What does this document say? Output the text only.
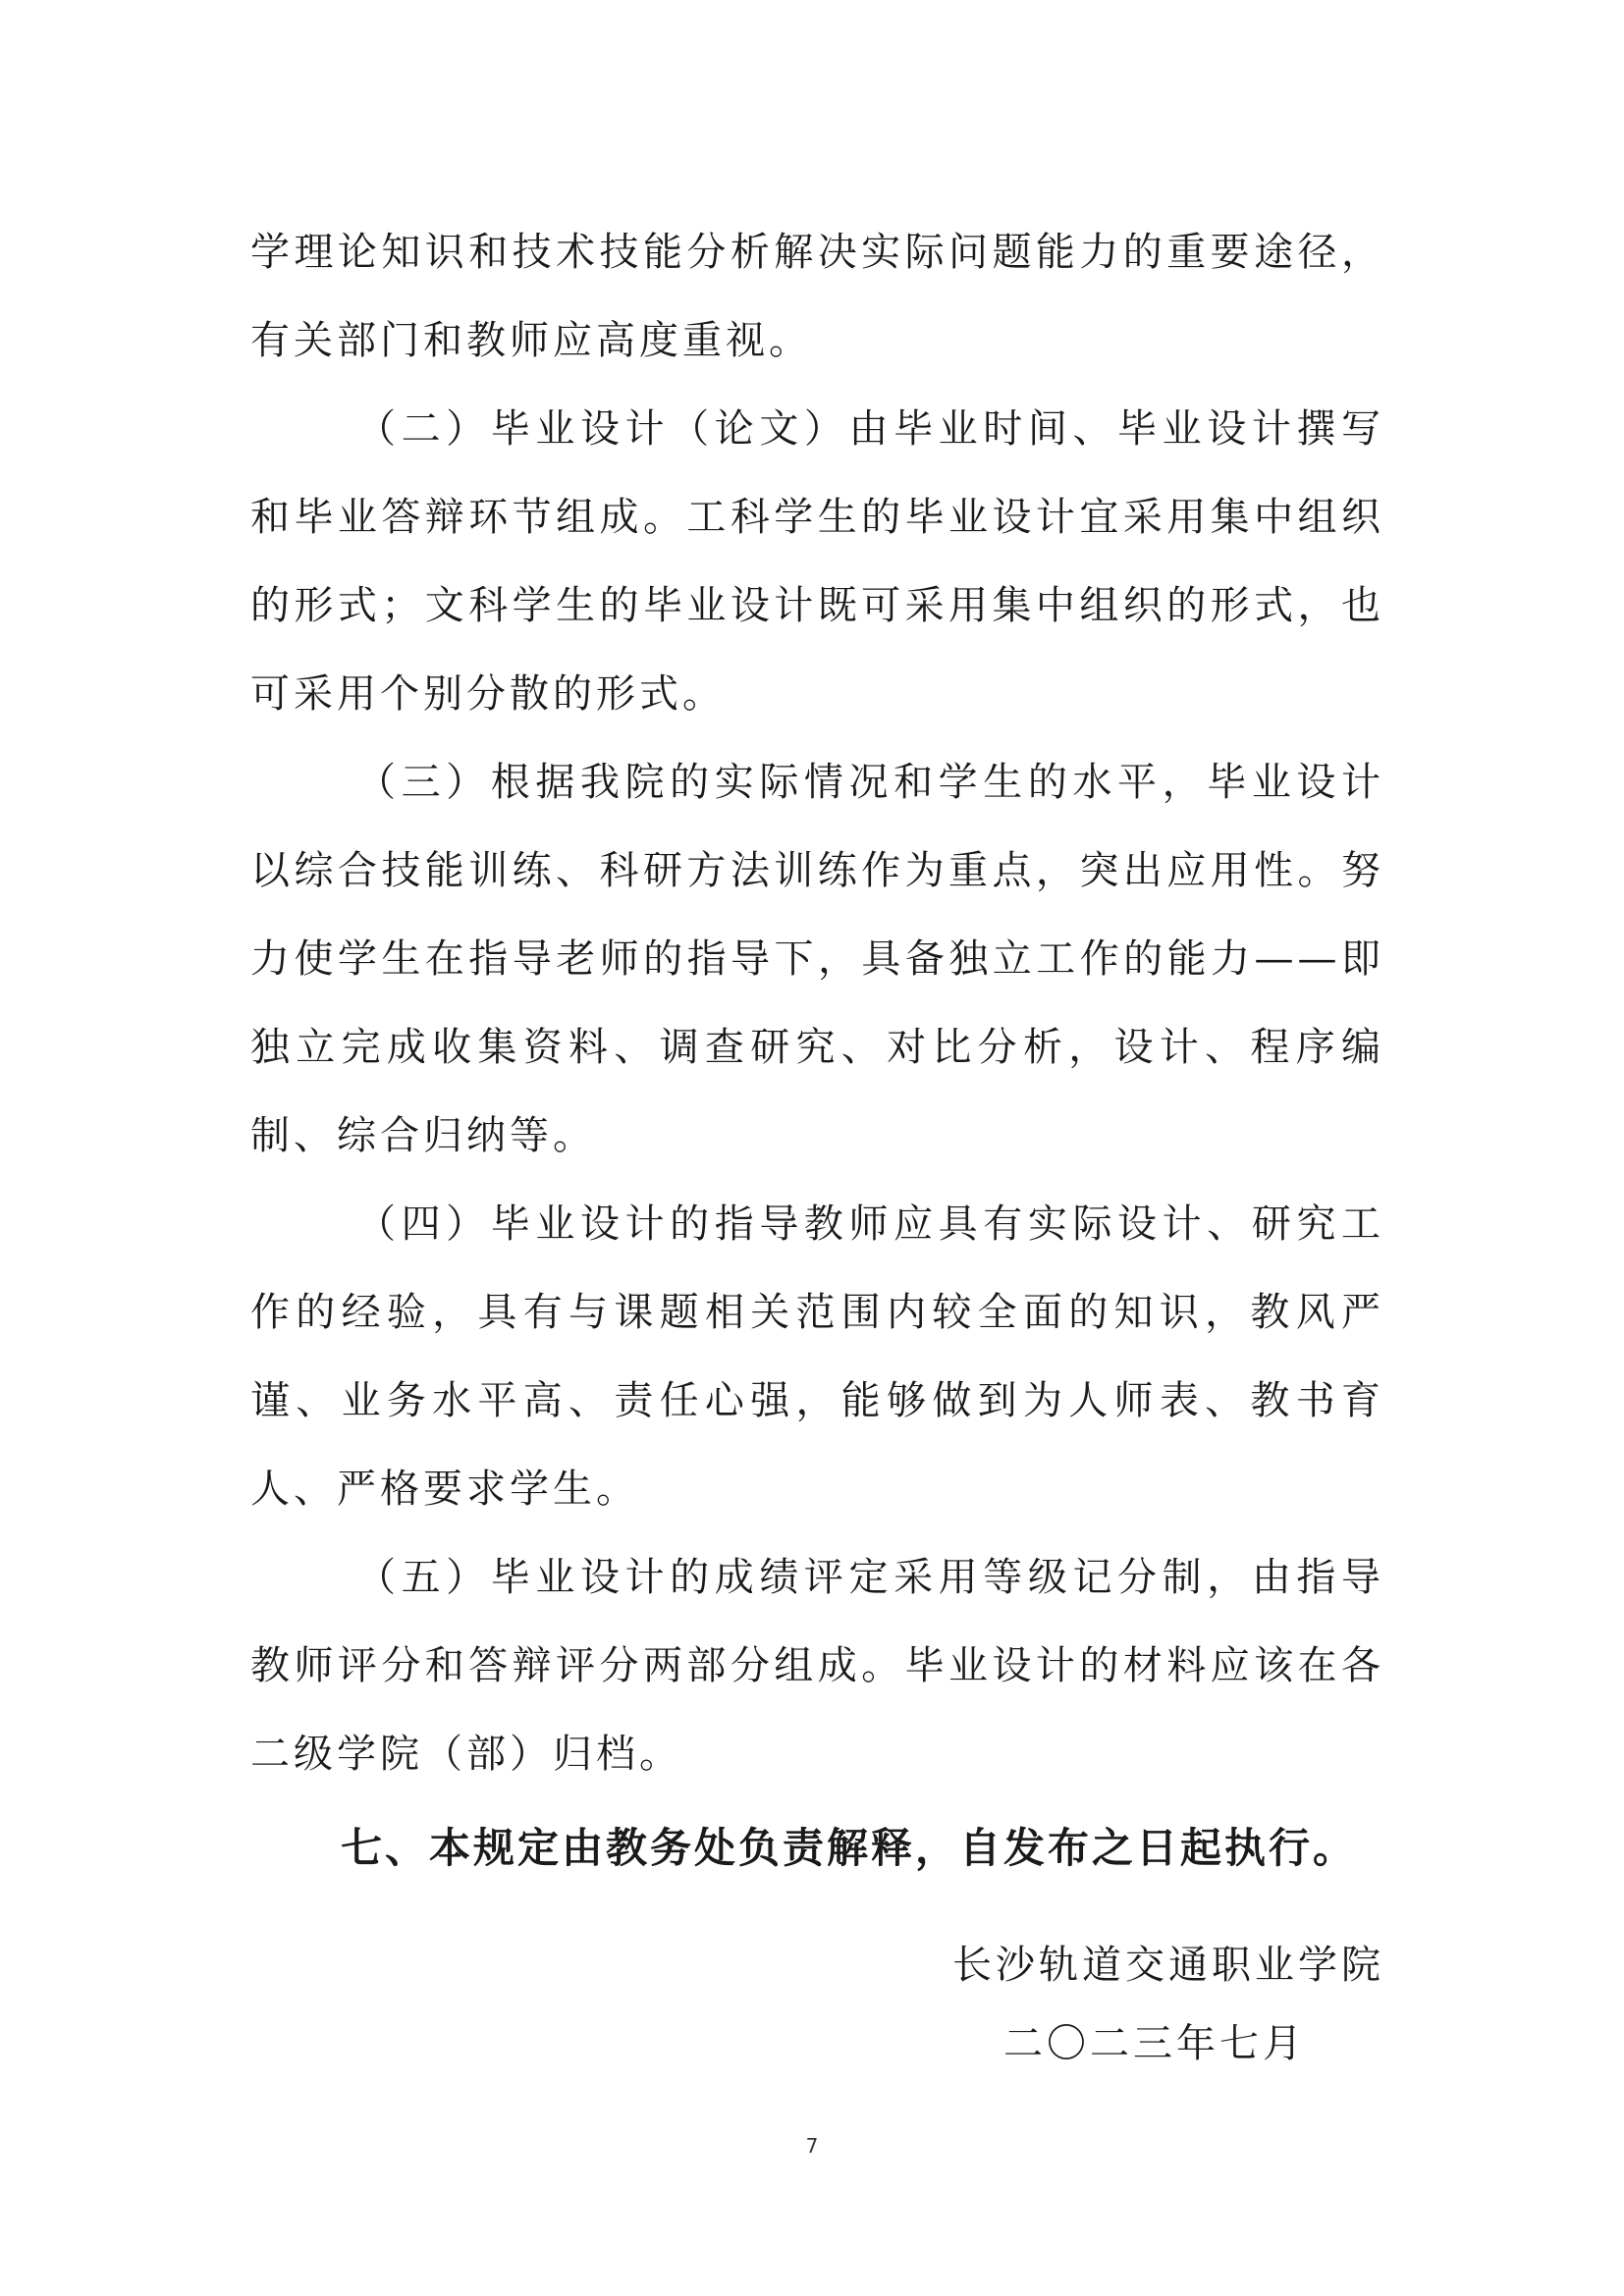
学理论知识和技术技能分析解决实际问题能力的重要途径，有关部门和教师应高度重视。

（二）毕业设计（论文）由毕业时间、毕业设计撰写和毕业答辩环节组成。工科学生的毕业设计宜采用集中组织的形式；文科学生的毕业设计既可采用集中组织的形式，也可采用个别分散的形式。

（三）根据我院的实际情况和学生的水平，毕业设计以综合技能训练、科研方法训练作为重点，突出应用性。努力使学生在指导老师的指导下，具备独立工作的能力——即独立完成收集资料、调查研究、对比分析，设计、程序编制、综合归纳等。

（四）毕业设计的指导教师应具有实际设计、研究工作的经验，具有与课题相关范围内较全面的知识，教风严谨、业务水平高、责任心强，能够做到为人师表、教书育人、严格要求学生。

（五）毕业设计的成绩评定采用等级记分制，由指导教师评分和答辩评分两部分组成。毕业设计的材料应该在各二级学院（部）归档。

七、本规定由教务处负责解释，自发布之日起执行。

长沙轨道交通职业学院

二〇二三年七月

7
